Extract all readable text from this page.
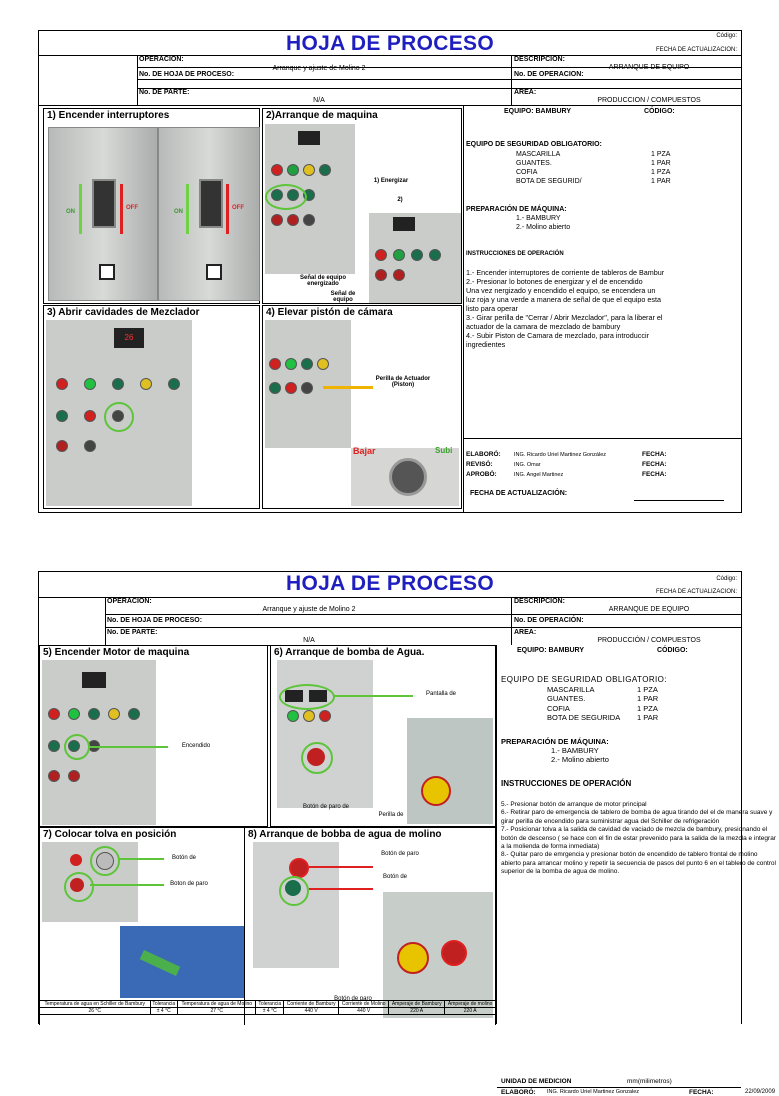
Código:
FECHA DE ACTUALIZACION:
HOJA DE PROCESO
OPERACION:
Arranque y ajuste de Molino 2
No. DE HOJA DE PROCESO:
No. DE PARTE:
N/A
DESCRIPCION:
ARRANQUE DE EQUIPO
No. DE OPERACION:
AREA:
PRODUCCION / COMPUESTOS
1) Encender interruptores
ON
OFF
ON
OFF
2)Arranque de maquina
1) Energizar
2)
Señal de equipo energizado
Señal de equipo
3) Abrir cavidades de Mezclador
26
4) Elevar pistón de cámara
Perilla de Actuador (Piston)
Bajar	Subi
EQUIPO: BAMBURY	CÓDIGO:

EQUIPO DE SEGURIDAD OBLIGATORIO:

MASCARILLA	1 PZA
GUANTES.	1 PAR
COFIA	1 PZA
BOTA DE SEGURID/	1 PAR
PREPARACIÓN DE MÁQUINA:
1.- BAMBURY
2.- Molino abierto
INSTRUCCIONES DE OPERACIÓN
1.- Encender interruptores de corriente de tableros de Bambur
2.- Presionar lo botones de energizar y el de encendido
Una vez nergizado y encendido el equipo, se encendera un
luz roja y una verde a manera de señal de que el equipo esta
listo para operar
3.- Girar perilla de "Cerrar / Abrir Mezclador", para la liberar el
actuador de la camara de mezclado de bambury
4.- Subir Piston de Camara de mezclado, para introduccir
ingredientes
ELABORÓ: ING. Ricardo Uriel Martinez González	FECHA:
REVISÓ:	ING. Omar	FECHA:
APROBÓ:	ING. Angel Martinez	FECHA:
FECHA DE ACTUALIZACIÓN:
Código:
FECHA DE ACTUALIZACION:
HOJA DE PROCESO
OPERACION:
Arranque y ajuste de Molino 2
No. DE HOJA DE PROCESO:
No. DE PARTE:
N/A
DESCRIPCION:
ARRANQUE DE EQUIPO
No. DE OPERACIÓN:
AREA:
PRODUCCIÓN / COMPUESTOS
5) Encender Motor de maquina
Encendido
6) Arranque de bomba de Agua.
Pantalla de
Botón de paro de
Perilla de
7) Colocar tolva en posición
Botón de
Boton de paro
8) Arranque de bobba de agua de molino
Botón de paro
Botón de
Botón de paro
EQUIPO: BAMBURY	CÓDIGO:
EQUIPO DE SEGURIDAD OBLIGATORIO:
MASCARILLA	1 PZA
GUANTES.	1 PAR
COFIA	1 PZA
BOTA DE SEGURIDA 1 PAR
PREPARACIÓN DE MÁQUINA:
1.- BAMBURY
2.- Molino abierto
INSTRUCCIONES DE OPERACIÓN
5.- Presionar botón de arranque de motor principal
6.- Retirar paro de emergencia de tablero de bomba de agua tirando del el de manera suave y girar perilla de encendido para suministrar agua del Schiller de refrigeración
7.- Posicionar tolva a la salida de cavidad de vaciado de mezcla de bambury, presionando el botón de descenso ( se hace con el fin de estar prevenido para la salida de la mezcla e integrar a la molienda de forma inmediata)
8.- Quitar paro de emrgencia y presionar botón de encendido de tablero frontal de molino abierto para arrancar molino y repetir la secuencia de pasos del punto 6 en el tablero de control superior de la bomba de agua de molino.
UNIDAD DE MEDICION	mm(milimetros)
ELABORÓ: ING. Ricardo Uriel Martinez Gonzalez	FECHA:	22/09/2009
Temperatura de agua en Schiller de Bambury	Tolerancia	Temperatura de agua de Molino	Tolerancia	Corriente de Bambury	Corriente de Molino	Amperaje de Bambury	Amperaje de molino
26 °C	± 4 °C	27 °C	± 4 °C	440 V	440 V	220 A	220 A
